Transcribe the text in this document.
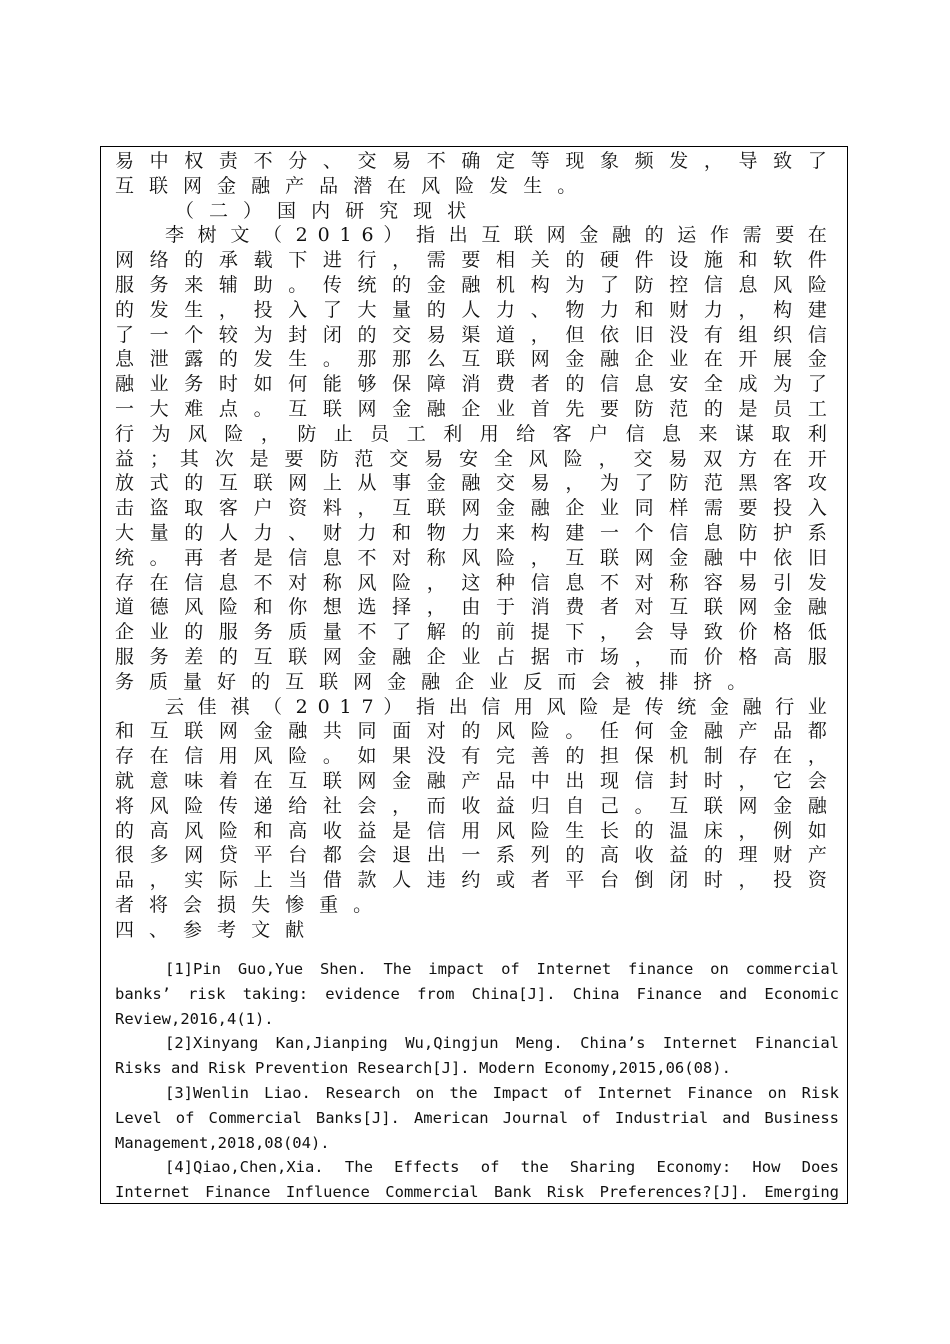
易 中 权 责 不 分 、 交 易 不 确 定 等 现 象 频 发 ， 导 致 了
互 联 网 金 融 产 品 潜 在 风 险 发 生 。
（ 二 ） 国 内 研 究 现 状
李 树 文 （ 2 0 1 6 ） 指 出 互 联 网 金 融 的 运 作 需 要 在
网 络 的 承 载 下 进 行 ， 需 要 相 关 的 硬 件 设 施 和 软 件
服 务 来 辅 助 。 传 统 的 金 融 机 构 为 了 防 控 信 息 风 险
的 发 生 ， 投 入 了 大 量 的 人 力 、 物 力 和 财 力 ， 构 建
了 一 个 较 为 封 闭 的 交 易 渠 道 ， 但 依 旧 没 有 组 织 信
息 泄 露 的 发 生 。 那 那 么 互 联 网 金 融 企 业 在 开 展 金
融 业 务 时 如 何 能 够 保 障 消 费 者 的 信 息 安 全 成 为 了
一 大 难 点 。 互 联 网 金 融 企 业 首 先 要 防 范 的 是 员 工
行 为 风 险 ， 防 止 员 工 利 用 给 客 户 信 息 来 谋 取 利
益 ； 其 次 是 要 防 范 交 易 安 全 风 险 ， 交 易 双 方 在 开
放 式 的 互 联 网 上 从 事 金 融 交 易 ， 为 了 防 范 黑 客 攻
击 盗 取 客 户 资 料 ， 互 联 网 金 融 企 业 同 样 需 要 投 入
大 量 的 人 力 、 财 力 和 物 力 来 构 建 一 个 信 息 防 护 系
统 。 再 者 是 信 息 不 对 称 风 险 ， 互 联 网 金 融 中 依 旧
存 在 信 息 不 对 称 风 险 ， 这 种 信 息 不 对 称 容 易 引 发
道 德 风 险 和 你 想 选 择 ， 由 于 消 费 者 对 互 联 网 金 融
企 业 的 服 务 质 量 不 了 解 的 前 提 下 ， 会 导 致 价 格 低
服 务 差 的 互 联 网 金 融 企 业 占 据 市 场 ， 而 价 格 高 服
务 质 量 好 的 互 联 网 金 融 企 业 反 而 会 被 排 挤 。
云 佳 祺 （ 2 0 1 7 ） 指 出 信 用 风 险 是 传 统 金 融 行 业
和 互 联 网 金 融 共 同 面 对 的 风 险 。 任 何 金 融 产 品 都
存 在 信 用 风 险 。 如 果 没 有 完 善 的 担 保 机 制 存 在 ，
就 意 味 着 在 互 联 网 金 融 产 品 中 出 现 信 封 时 ， 它 会
将 风 险 传 递 给 社 会 ， 而 收 益 归 自 己 。 互 联 网 金 融
的 高 风 险 和 高 收 益 是 信 用 风 险 生 长 的 温 床 ， 例 如
很 多 网 贷 平 台 都 会 退 出 一 系 列 的 高 收 益 的 理 财 产
品 ， 实 际 上 当 借 款 人 违 约 或 者 平 台 倒 闭 时 ， 投 资
者 将 会 损 失 惨 重 。
四 、 参 考 文 献
[1]Pin Guo,Yue Shen. The impact of Internet finance on commercial
banks’ risk taking: evidence from China[J]. China Finance and Economic
Review,2016,4(1).
[2]Xinyang Kan,Jianping Wu,Qingjun Meng. China’s Internet Financial
Risks and Risk Prevention Research[J]. Modern Economy,2015,06(08).
[3]Wenlin Liao. Research on the Impact of Internet Finance on Risk
Level of Commercial Banks[J]. American Journal of Industrial and Business
Management,2018,08(04).
[4]Qiao,Chen,Xia. The Effects of the Sharing Economy: How Does
Internet Finance Influence Commercial Bank Risk Preferences?[J]. Emerging
